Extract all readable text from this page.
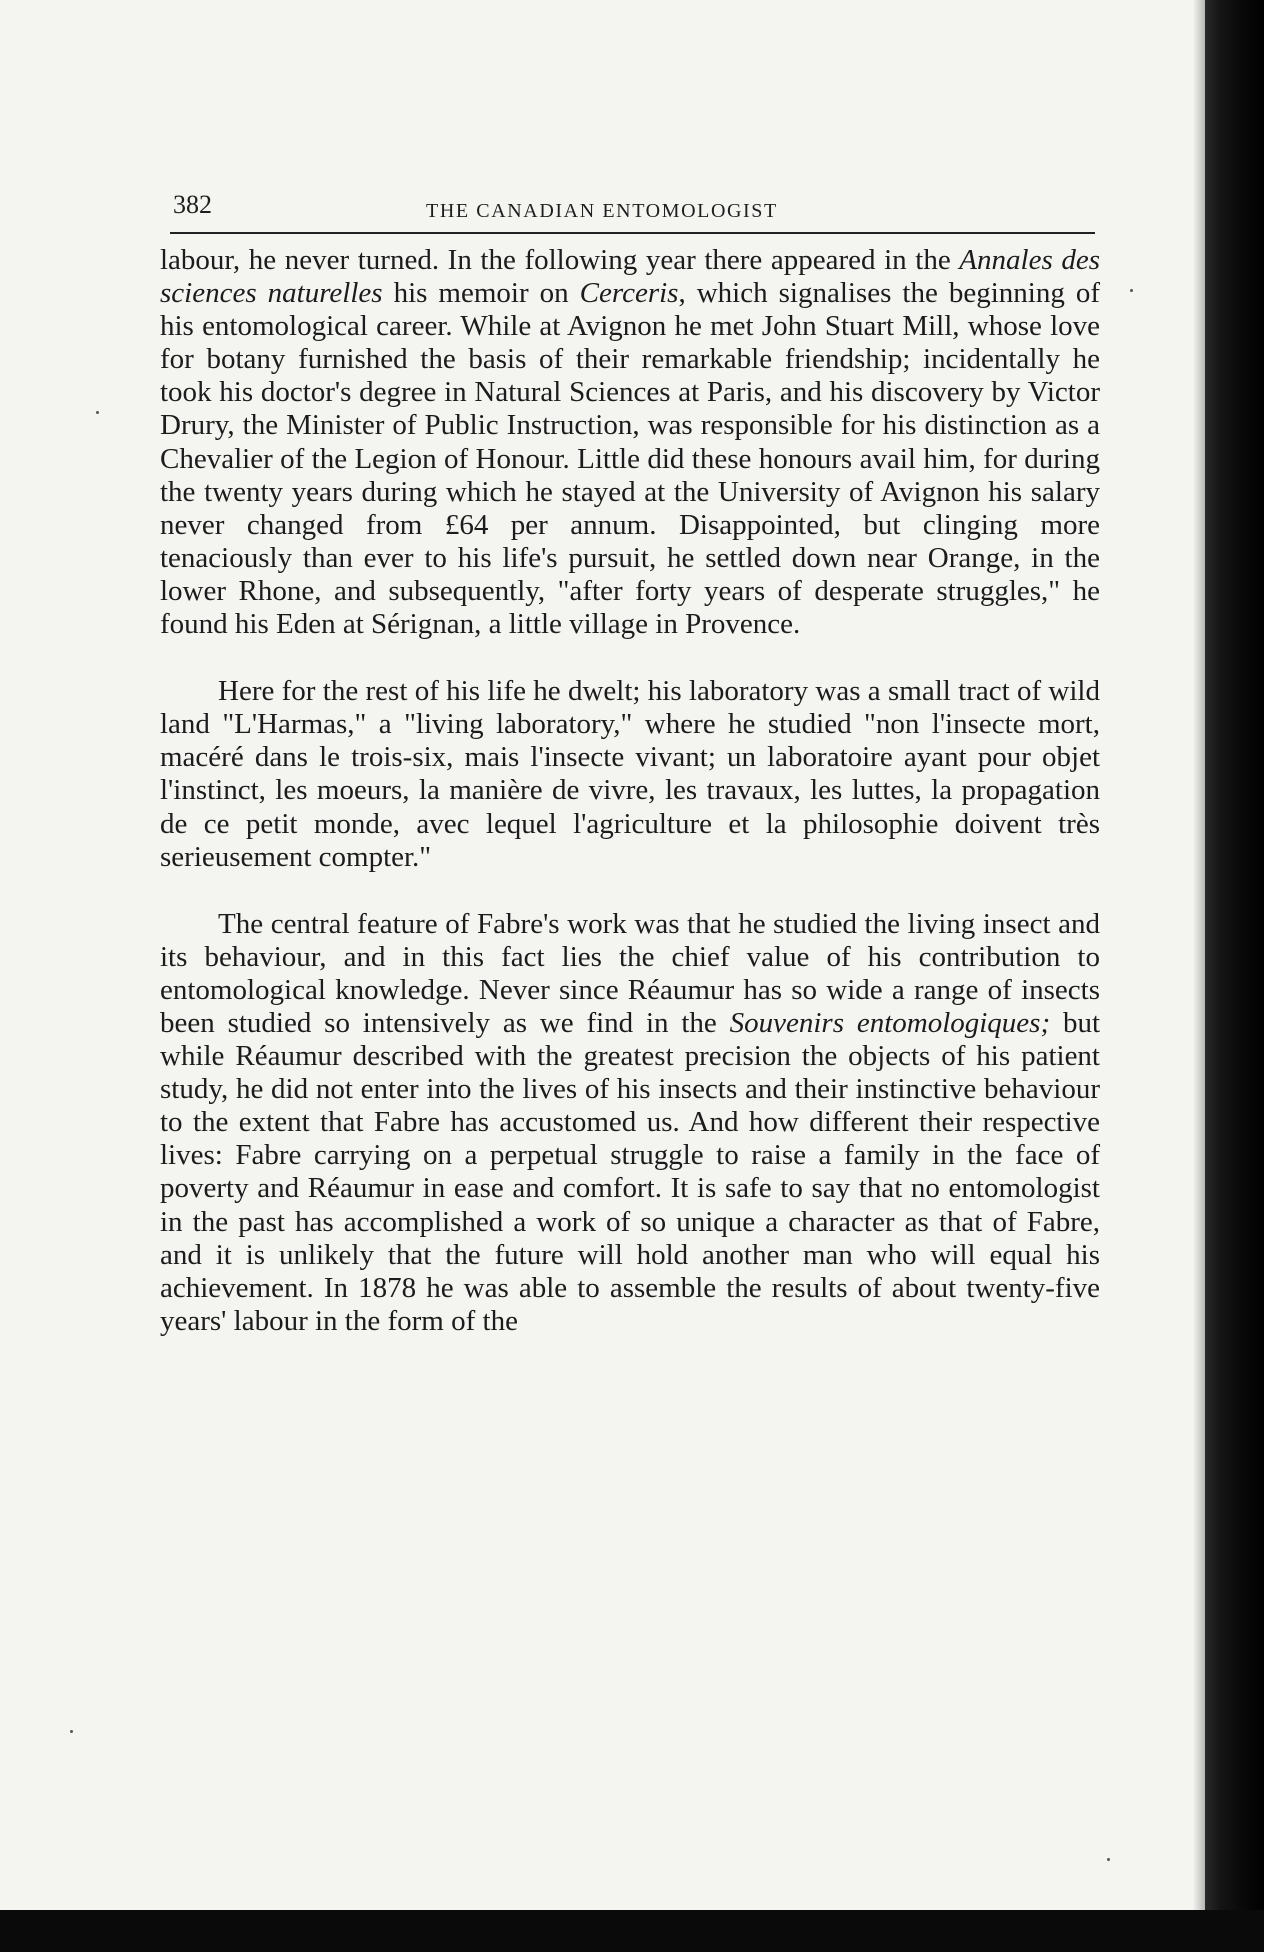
382	THE CANADIAN ENTOMOLOGIST

labour, he never turned. In the following year there appeared in the Annales des sciences naturelles his memoir on Cerceris, which signalises the beginning of his entomological career. While at Avignon he met John Stuart Mill, whose love for botany furnished the basis of their remarkable friendship; incidentally he took his doctor's degree in Natural Sciences at Paris, and his discovery by Victor Drury, the Minister of Public Instruction, was responsible for his distinction as a Chevalier of the Legion of Honour. Little did these honours avail him, for during the twenty years during which he stayed at the University of Avignon his salary never changed from £64 per annum. Disappointed, but clinging more tenaciously than ever to his life's pursuit, he settled down near Orange, in the lower Rhone, and subsequently, "after forty years of desperate struggles," he found his Eden at Sérignan, a little village in Provence.

Here for the rest of his life he dwelt; his laboratory was a small tract of wild land "L'Harmas," a "living laboratory," where he studied "non l'insecte mort, macéré dans le trois-six, mais l'insecte vivant; un laboratoire ayant pour objet l'instinct, les moeurs, la manière de vivre, les travaux, les luttes, la propagation de ce petit monde, avec lequel l'agriculture et la philosophie doivent très serieusement compter."

The central feature of Fabre's work was that he studied the living insect and its behaviour, and in this fact lies the chief value of his contribution to entomological knowledge. Never since Réaumur has so wide a range of insects been studied so intensively as we find in the Souvenirs entomologiques; but while Réaumur described with the greatest precision the objects of his patient study, he did not enter into the lives of his insects and their instinctive behaviour to the extent that Fabre has accustomed us. And how different their respective lives: Fabre carrying on a perpetual struggle to raise a family in the face of poverty and Réaumur in ease and comfort. It is safe to say that no entomologist in the past has accomplished a work of so unique a character as that of Fabre, and it is unlikely that the future will hold another man who will equal his achievement. In 1878 he was able to assemble the results of about twenty-five years' labour in the form of the
